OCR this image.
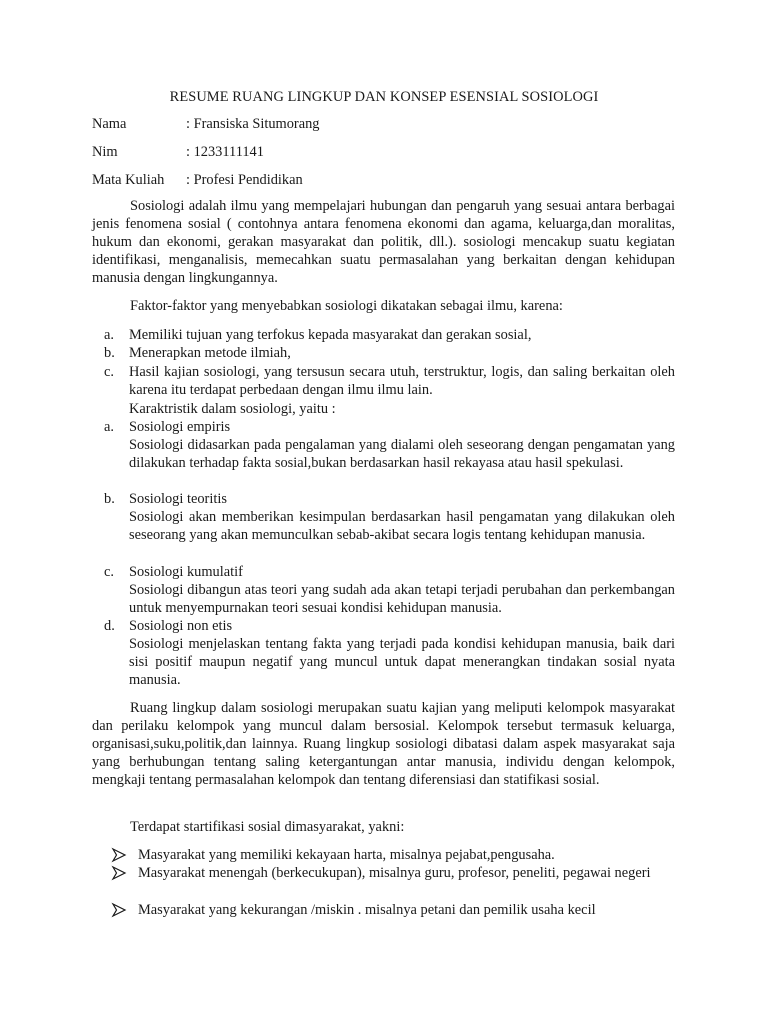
RESUME RUANG LINGKUP DAN KONSEP ESENSIAL SOSIOLOGI
Nama	: Fransiska Situmorang
Nim	: 1233111141
Mata Kuliah : Profesi Pendidikan

Sosiologi adalah ilmu yang mempelajari hubungan dan pengaruh yang sesuai antara berbagai jenis fenomena sosial ( contohnya antara fenomena ekonomi dan agama, keluarga,dan moralitas, hukum dan ekonomi, gerakan masyarakat dan politik, dll.). sosiologi mencakup suatu kegiatan identifikasi, menganalisis, memecahkan suatu permasalahan yang berkaitan dengan kehidupan manusia dengan lingkungannya.

Faktor-faktor yang menyebabkan sosiologi dikatakan sebagai ilmu, karena:

a. Memiliki tujuan yang terfokus kepada masyarakat dan gerakan sosial,

b. Menerapkan metode ilmiah,

c. Hasil kajian sosiologi, yang tersusun secara utuh, terstruktur, logis, dan saling berkaitan oleh karena itu terdapat perbedaan dengan ilmu ilmu lain.

Karaktristik dalam sosiologi, yaitu :

a. Sosiologi empiris

Sosiologi didasarkan pada pengalaman yang dialami oleh seseorang dengan pengamatan yang dilakukan terhadap fakta sosial,bukan berdasarkan hasil rekayasa atau hasil spekulasi.

b. Sosiologi teoritis

Sosiologi akan memberikan kesimpulan berdasarkan hasil pengamatan yang dilakukan oleh seseorang yang akan memunculkan sebab-akibat secara logis tentang kehidupan manusia.

c. Sosiologi kumulatif

Sosiologi dibangun atas teori yang sudah ada akan tetapi terjadi perubahan dan perkembangan untuk menyempurnakan teori sesuai kondisi kehidupan manusia.

d. Sosiologi non etis

Sosiologi menjelaskan tentang fakta yang terjadi pada kondisi kehidupan manusia, baik dari sisi positif maupun negatif yang muncul untuk dapat menerangkan tindakan sosial nyata manusia.

Ruang lingkup dalam sosiologi merupakan suatu kajian yang meliputi kelompok masyarakat dan perilaku kelompok yang muncul dalam bersosial. Kelompok tersebut termasuk keluarga, organisasi,suku,politik,dan lainnya. Ruang lingkup sosiologi dibatasi dalam aspek masyarakat saja yang berhubungan tentang saling ketergantungan antar manusia, individu dengan kelompok, mengkaji tentang permasalahan kelompok dan tentang diferensiasi dan statifikasi sosial.

Terdapat startifikasi sosial dimasyarakat, yakni:

Masyarakat yang memiliki kekayaan harta, misalnya pejabat,pengusaha.

Masyarakat menengah (berkecukupan), misalnya guru, profesor, peneliti, pegawai negeri

Masyarakat yang kekurangan /miskin . misalnya petani dan pemilik usaha kecil
